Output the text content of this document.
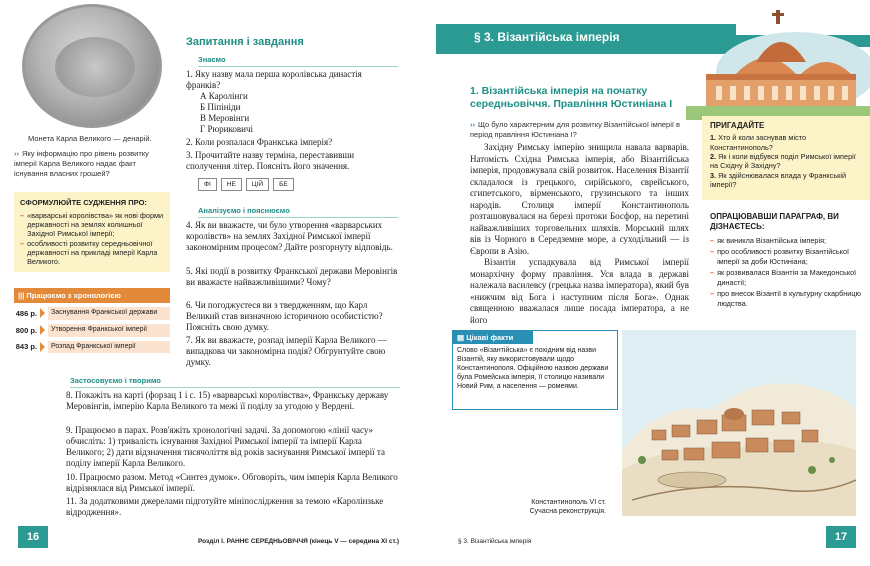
Монета Карла Великого — денарій.
›› Яку інформацію про рівень розвитку імперії Карла Великого надає факт існування власних грошей?
СФОРМУЛЮЙТЕ СУДЖЕННЯ ПРО:
– «варварські королівства» як нові форми державності на землях колишньої Західної Римської імперії;
– особливості розвитку середньовічної державності на прикладі імперії Карла Великого.
||| Працюємо з хронологією
486 р.	Заснування Франкської держави
800 р.	Утворення Франкської імперії
843 р.	Розпад Франкської імперії
Запитання і завдання
Знаємо
1. Яку назву мала перша королівська династія франків?
А Каролінги
Б Піпініди
В Меровінги
Г Рюриковичі
2. Коли розпалася Франкська імперія?
3. Прочитайте назву терміна, переставивши сполучення літер. Поясніть його значення.
ФІ	НЕ	ЦІЙ	БЕ
Аналізуємо і пояснюємо
4. Як ви вважаєте, чи було утворення «варварських королівств» на землях Західної Римської імперії закономірним процесом? Дайте розгорнуту відповідь.
5. Які події в розвитку Франкської держави Меровінгів ви вважаєте найважливішими? Чому?
6. Чи погоджуєтеся ви з твердженням, що Карл Великий став визначною історичною особистістю? Поясніть свою думку.
7. Як ви вважаєте, розпад імперії Карла Великого — випадкова чи закономірна подія? Обгрунтуйте свою думку.
Застосовуємо і творимо
8. Покажіть на карті (форзац 1 і с. 15) «варварські королівства», Франкську державу Меровінгів, імперію Карла Великого та межі її поділу за угодою у Вердені.
9. Працюємо в парах. Розв'яжіть хронологічні задачі. За допомогою «лінії часу» обчисліть: 1) тривалість існування Західної Римської імперії та імперії Карла Великого; 2) дати відзначення тисячоліття від років заснування Римської імперії та поділу імперії Карла Великого.
10. Працюємо разом. Метод «Синтез думок». Обговоріть, чим імперія Карла Великого відрізнялася від Римської імперії.
11. За додатковими джерелами підготуйте мініпослідження за темою «Каролінзьке відродження».
16	Розділ І. РАННЄ СЕРЕДНЬОВІЧЧЯ (кінець V — середина XI ст.)
§ 3. Візантійська імперія
1. Візантійська імперія на початку середньовіччя. Правління Юстиніана I
›› Що було характерним для розвитку Візантійської імперії в період правління Юстиніана I?

Західну Римську імперію знищила навала варварів. Натомість Східна Римська імперія, або Візантійська імперія, продовжувала свій розвиток. Населення Візантії складалося із грецького, сирійського, єврейського, єгипетського, вірменського, грузинського та інших народів. Столиця імперії Константинополь розташовувалася на березі протоки Босфор, на перетині найважливіших торговельних шляхів. Морський шлях вів із Чорного в Середземне море, а суходільний — із Європи в Азію.

Візантія успадкувала від Римської імперії монархічну форму правління. Уся влада в державі належала василевсу (грецька назва імператора), який був «нижчим від Бога і наступним після Бога». Однак священною вважалася лише посада імператора, а не його

ПРИГАДАЙТЕ
1. Хто й коли заснував місто Константинополь?
2. Як і коли відбувся поділ Римської імперії на Східну й Західну?
3. Як здійснювалася влада у Франкській імперії?
ОПРАЦЮВАВШИ ПАРАГРАФ, ВИ ДІЗНАЄТЕСЬ:
– як виникла Візантійська імперія;
– про особливості розвитку Візантійської імперії за доби Юстиніана;
– як розвивалася Візантія за Македонської династії;
– про внесок Візантії в культурну скарбницю людства.
▤ Цікаві факти
Слово «Візантійська» є похідним від назви Візантій, яку використовували щодо Константинополя. Офіційною назвою держави була Ромейська імперія, її столицю називали Новий Рим, а населення — ромеями.
Константинополь VI ст.
Сучасна реконструкція.
17
§ 3. Візантійська імперія
